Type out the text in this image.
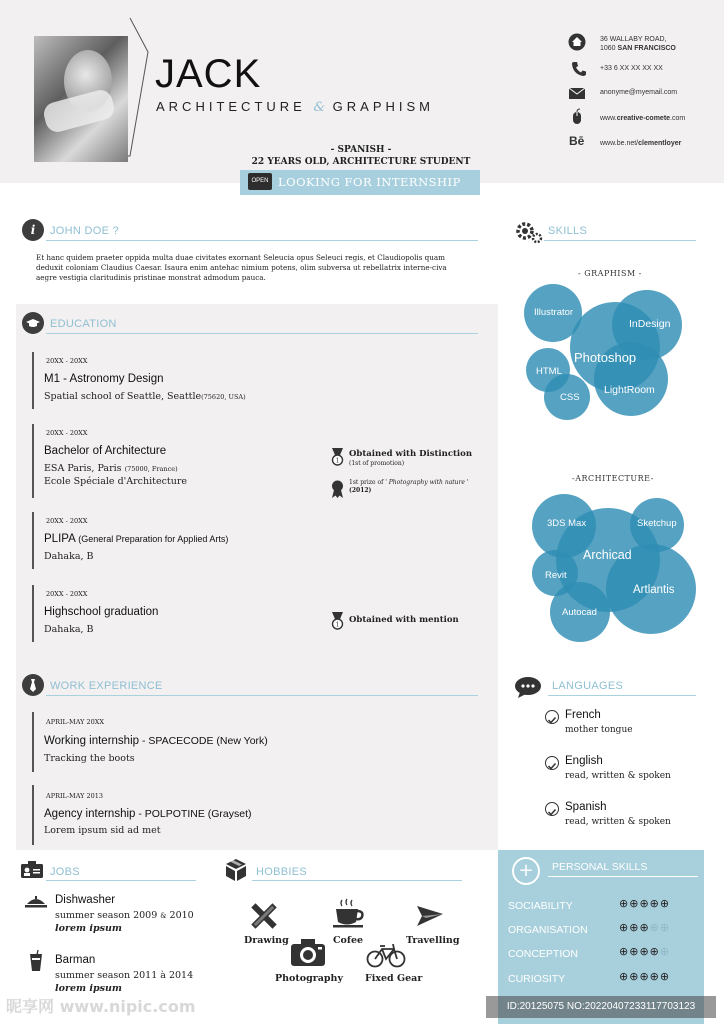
JACK
ARCHITECTURE & GRAPHISM
36 WALLABY ROAD,
1060 SAN FRANCISCO
+33 6 XX XX XX XX
anonyme@myemail.com
www.creative-comete.com
Bē www.be.net/clementloyer
- SPANISH -
22 YEARS OLD, ARCHITECTURE STUDENT
OPEN LOOKING FOR INTERNSHIP
i	JOHN DOE ?
Et hanc quidem praeter oppida multa duae civitates exornant Seleucia opus Seleuci regis, et Claudiopolis quam deduxit coloniam Claudius Caesar. Isaura enim antehac nimium potens, olim subversa ut rebellatrix interne-civa aegre vestigia claritudinis pristinae monstrat admodum pauca.
EDUCATION
20XX - 20XX
M1 - Astronomy Design
Spatial school of Seattle, Seattle(75620, USA)
20XX - 20XX
Bachelor of Architecture
ESA Paris, Paris (75000, France)
Ecole Spéciale d'Architecture
1
Obtained with Distinction
(1st of promotion)
1st prize of ' Photography with nature '
(2012)
20XX - 20XX
PLIPA (General Preparation for Applied Arts)
Dahaka, B
20XX - 20XX
Highschool graduation
Dahaka, B	1 Obtained with mention
WORK EXPERIENCE
APRIL-MAY 20XX
Working internship - SPACECODE (New York)
Tracking the boots
APRIL-MAY 2013
Agency internship - POLPOTINE (Grayset)
Lorem ipsum sid ad met
SKILLS
- GRAPHISM -
Illustrator
InDesign
Photoshop
HTML
LightRoom
CSS
-ARCHITECTURE-
3DS Max	Sketchup
Archicad
Revit
Artlantis
Autocad
LANGUAGES
French
mother tongue
English
read, written & spoken
Spanish
read, written & spoken
JOBS
Dishwasher
summer season 2009 & 2010
lorem ipsum
Barman
summer season 2011 à 2014
lorem ipsum
HOBBIES
Drawing	Cofee	Travelling
Photography Fixed Gear
+	PERSONAL SKILLS
SOCIABILITY	⊕⊕⊕⊕⊕
ORGANISATION	⊕⊕⊕⊕⊕
CONCEPTION	⊕⊕⊕⊕⊕
CURIOSITY	⊕⊕⊕⊕⊕
昵享网 www.nipic.com	ID:20125075 NO:20220407233117703123
